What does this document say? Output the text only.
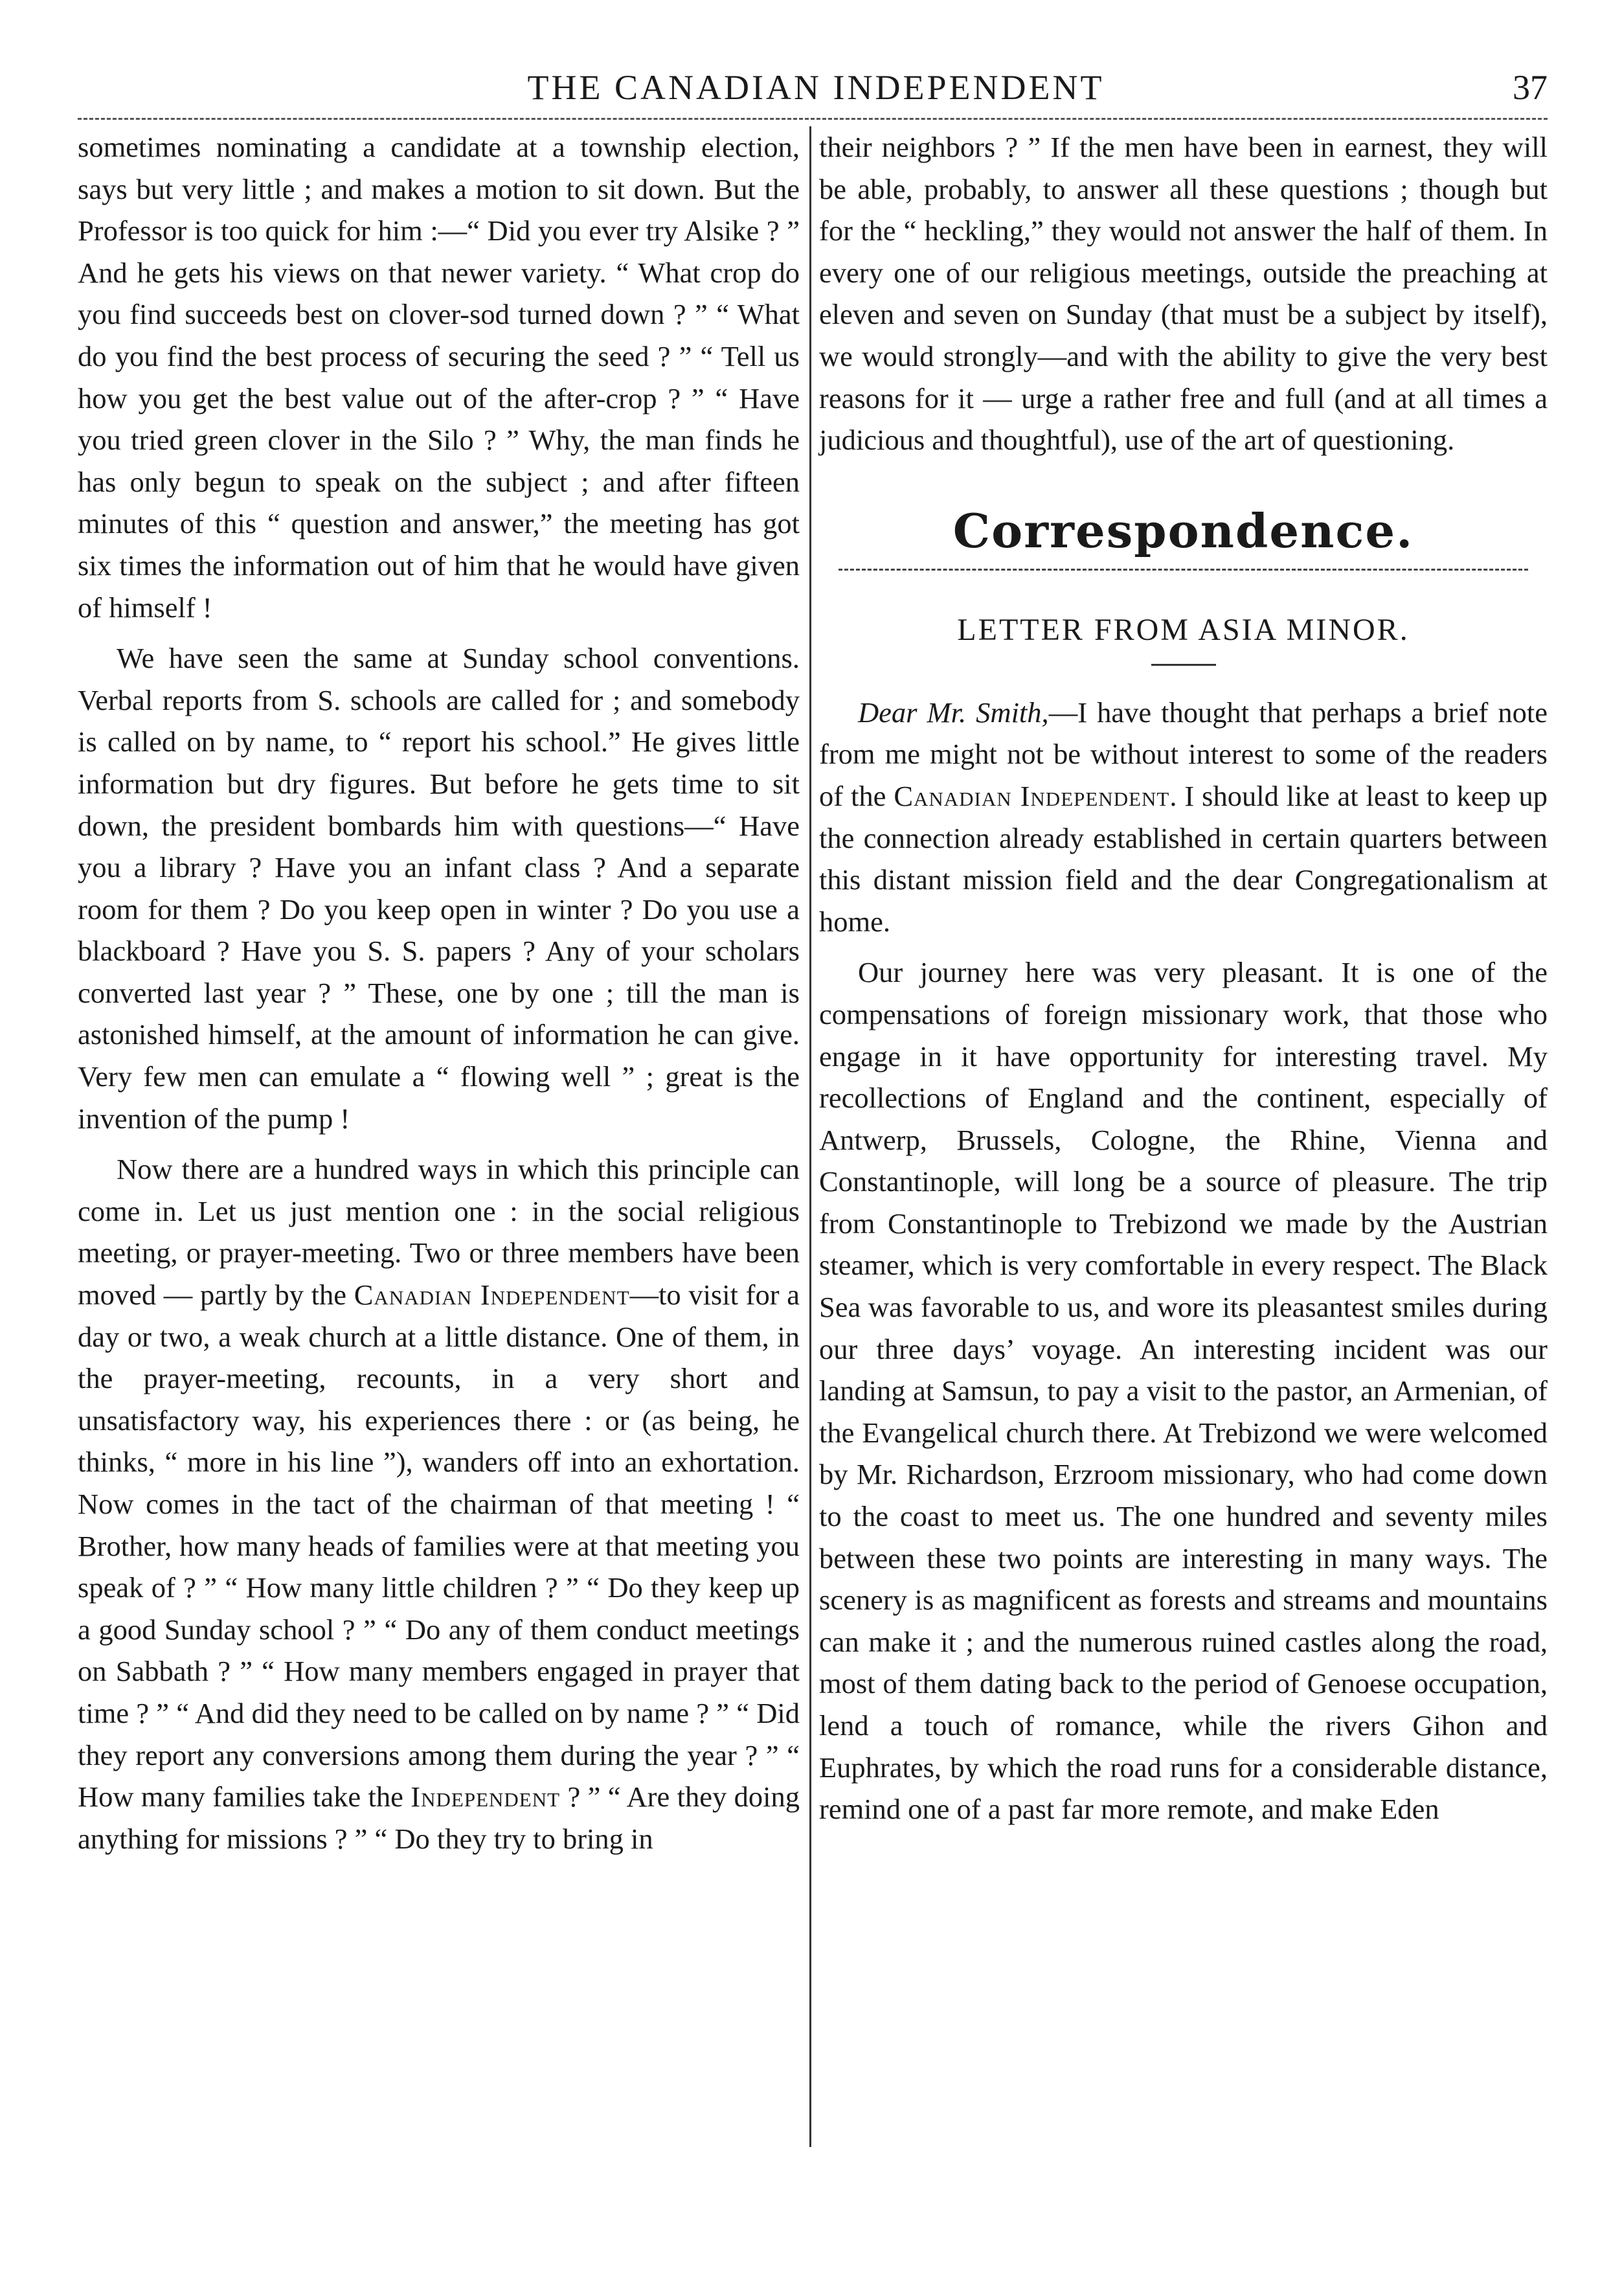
THE CANADIAN INDEPENDENT	37

sometimes nominating a candidate at a township election, says but very little ; and makes a motion to sit down. But the Professor is too quick for him :—“ Did you ever try Alsike ? ” And he gets his views on that newer variety. “ What crop do you find succeeds best on clover-sod turned down ? ” “ What do you find the best process of securing the seed ? ” “ Tell us how you get the best value out of the after-crop ? ” “ Have you tried green clover in the Silo ? ” Why, the man finds he has only begun to speak on the subject ; and after fifteen minutes of this “ question and answer,” the meeting has got six times the information out of him that he would have given of himself !

We have seen the same at Sunday school conventions. Verbal reports from S. schools are called for ; and somebody is called on by name, to “ report his school.” He gives little information but dry figures. But before he gets time to sit down, the president bombards him with questions—“ Have you a library ? Have you an infant class ? And a separate room for them ? Do you keep open in winter ? Do you use a blackboard ? Have you S. S. papers ? Any of your scholars converted last year ? ” These, one by one ; till the man is astonished himself, at the amount of information he can give. Very few men can emulate a “ flowing well ” ; great is the invention of the pump !

Now there are a hundred ways in which this principle can come in. Let us just mention one : in the social religious meeting, or prayer-meeting. Two or three members have been moved — partly by the Canadian Independent—to visit for a day or two, a weak church at a little distance. One of them, in the prayer-meeting, recounts, in a very short and unsatisfactory way, his experiences there : or (as being, he thinks, “ more in his line ”), wanders off into an exhortation. Now comes in the tact of the chairman of that meeting ! “ Brother, how many heads of families were at that meeting you speak of ? ” “ How many little children ? ” “ Do they keep up a good Sunday school ? ” “ Do any of them conduct meetings on Sabbath ? ” “ How many members engaged in prayer that time ? ” “ And did they need to be called on by name ? ” “ Did they report any conversions among them during the year ? ” “ How many families take the Independent ? ” “ Are they doing anything for missions ? ” “ Do they try to bring in

their neighbors ? ” If the men have been in earnest, they will be able, probably, to answer all these questions ; though but for the “ heckling,” they would not answer the half of them. In every one of our religious meetings, outside the preaching at eleven and seven on Sunday (that must be a subject by itself), we would strongly—and with the ability to give the very best reasons for it — urge a rather free and full (and at all times a judicious and thoughtful), use of the art of questioning.

Correspondence.
LETTER FROM ASIA MINOR.

Dear Mr. Smith,—I have thought that perhaps a brief note from me might not be without interest to some of the readers of the Canadian Independent. I should like at least to keep up the connection already established in certain quarters between this distant mission field and the dear Congregationalism at home.

Our journey here was very pleasant. It is one of the compensations of foreign missionary work, that those who engage in it have opportunity for interesting travel. My recollections of England and the continent, especially of Antwerp, Brussels, Cologne, the Rhine, Vienna and Constantinople, will long be a source of pleasure. The trip from Constantinople to Trebizond we made by the Austrian steamer, which is very comfortable in every respect. The Black Sea was favorable to us, and wore its pleasantest smiles during our three days’ voyage. An interesting incident was our landing at Samsun, to pay a visit to the pastor, an Armenian, of the Evangelical church there. At Trebizond we were welcomed by Mr. Richardson, Erzroom missionary, who had come down to the coast to meet us. The one hundred and seventy miles between these two points are interesting in many ways. The scenery is as magnificent as forests and streams and mountains can make it ; and the numerous ruined castles along the road, most of them dating back to the period of Genoese occupation, lend a touch of romance, while the rivers Gihon and Euphrates, by which the road runs for a considerable distance, remind one of a past far more remote, and make Eden
